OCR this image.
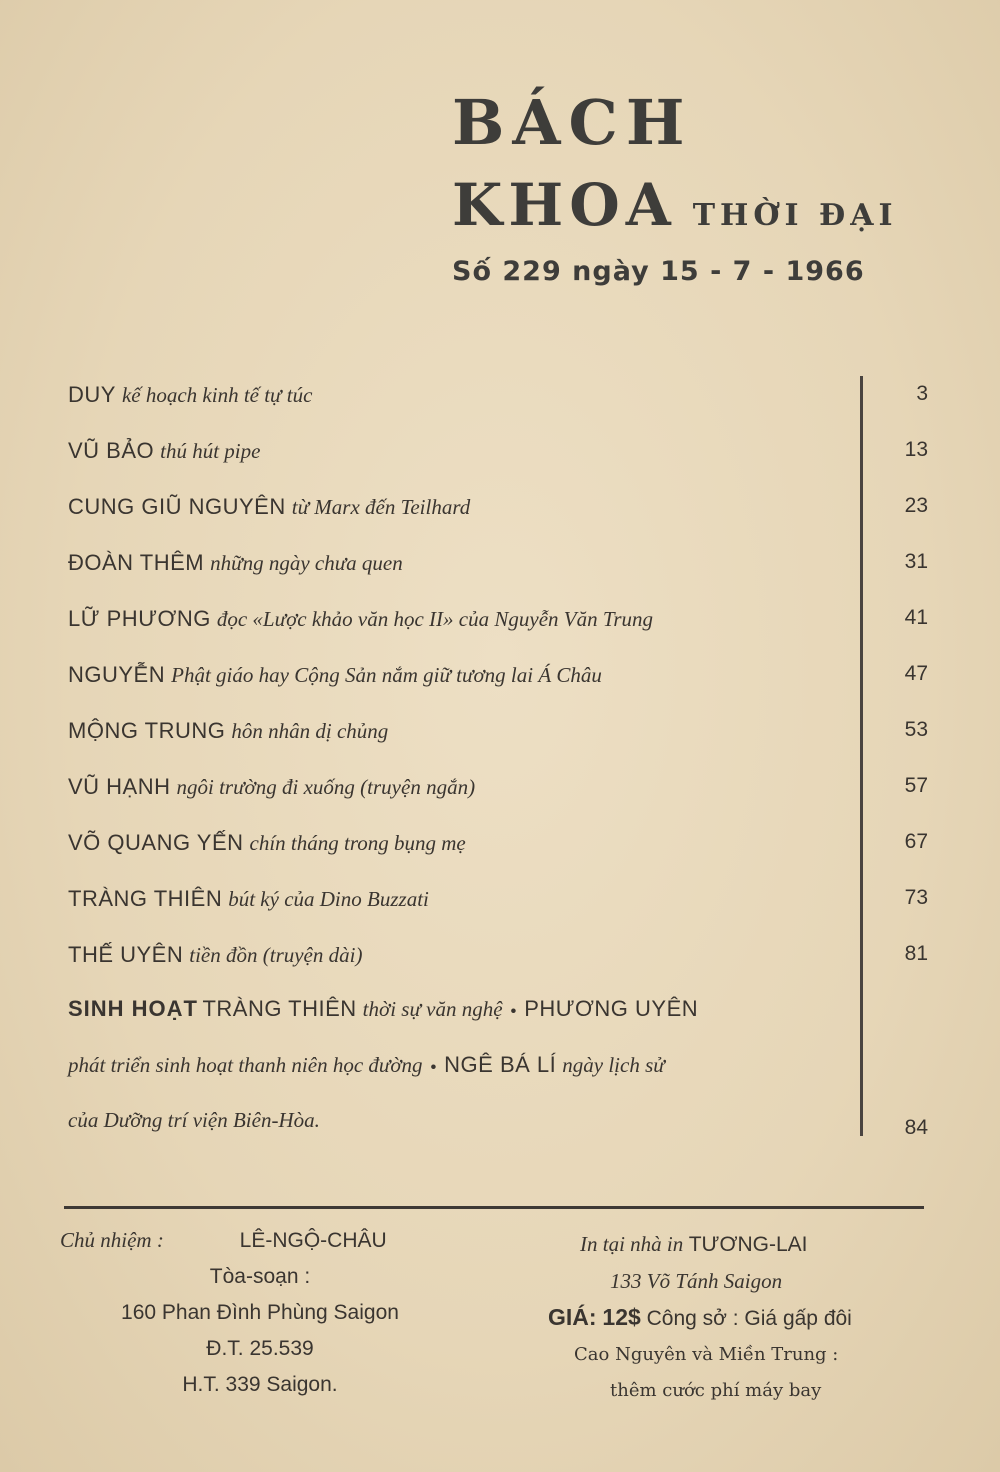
BÁCH
KHOA THỜI ĐẠI
Số 229 ngày 15 - 7 - 1966
DUY kế hoạch kinh tế tự túc	3
VŨ BẢO thú hút pipe	13
CUNG GIŨ NGUYÊN từ Marx đến Teilhard	23
ĐOÀN THÊM những ngày chưa quen	31
LỮ PHƯƠNG đọc «Lược khảo văn học II» của Nguyễn Văn Trung	41
NGUYỄN Phật giáo hay Cộng Sản nắm giữ tương lai Á Châu	47
MỘNG TRUNG hôn nhân dị chủng	53
VŨ HẠNH ngôi trường đi xuống (truyện ngắn)	57
VÕ QUANG YẾN chín tháng trong bụng mẹ	67
TRÀNG THIÊN bút ký của Dino Buzzati	73
THẾ UYÊN tiền đồn (truyện dài)	81
SINH HOẠT TRÀNG THIÊN thời sự văn nghệ • PHƯƠNG UYÊN
phát triển sinh hoạt thanh niên học đường • NGÊ BÁ LÍ ngày lịch sử
của Dưỡng trí viện Biên-Hòa.	84
Chủ nhiệm :	LÊ-NGỘ-CHÂU
Tòa-soạn :
160 Phan Đình Phùng Saigon
Đ.T. 25.539
H.T. 339 Saigon.
In tại nhà in TƯƠNG-LAI
133 Võ Tánh Saigon
GIÁ: 12$ Công sở : Giá gấp đôi
Cao Nguyên và Miền Trung :
thêm cước phí máy bay
